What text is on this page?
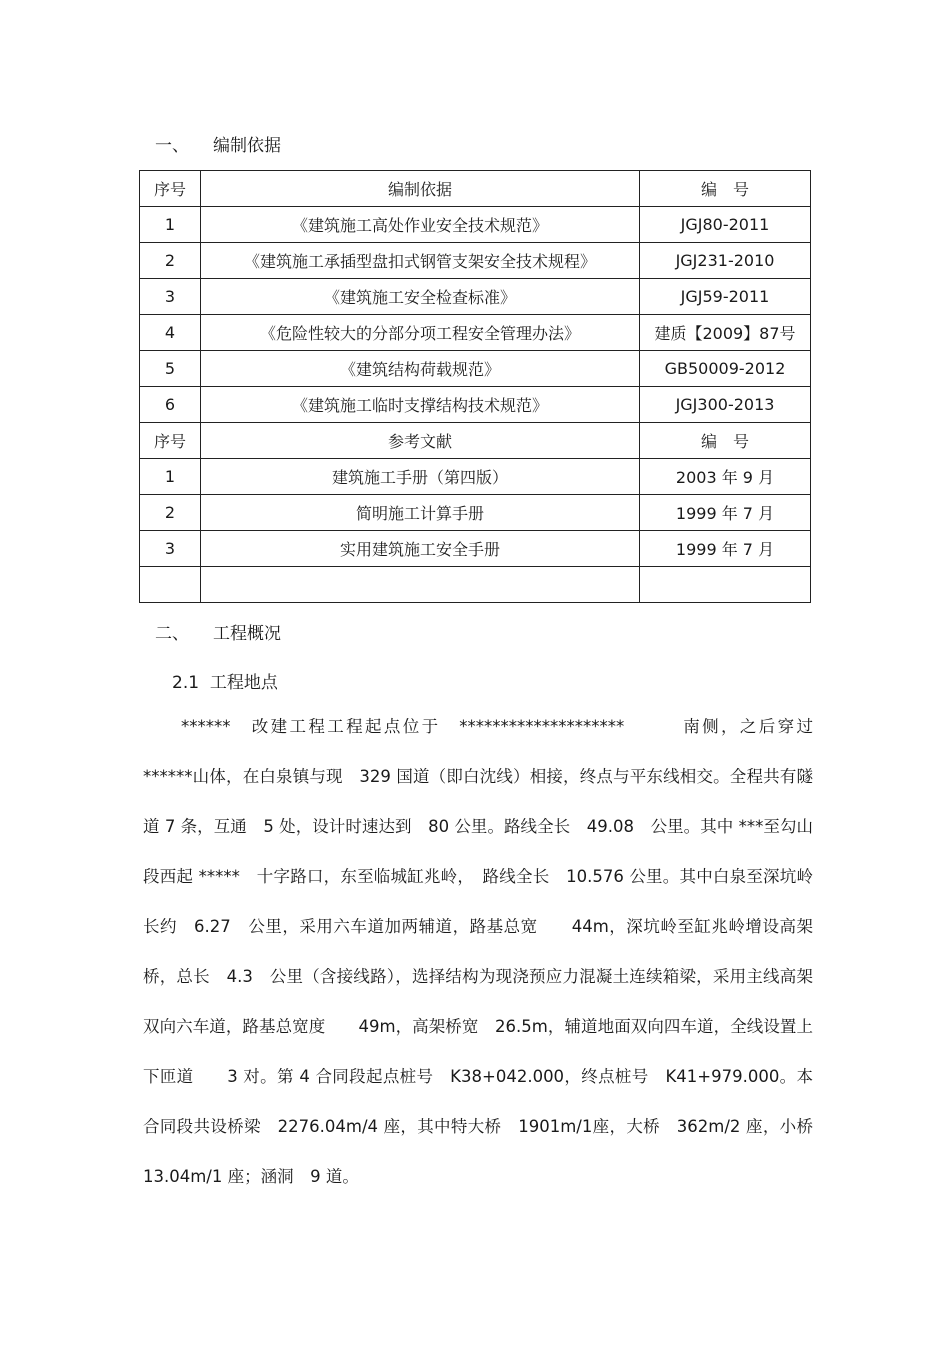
一、 编制依据
序号	编制依据	编　号
1	《建筑施工高处作业安全技术规范》	JGJ80-2011
2	《建筑施工承插型盘扣式钢管支架安全技术规程》	JGJ231-2010
3	《建筑施工安全检查标准》	JGJ59-2011
4	《危险性较大的分部分项工程安全管理办法》	建质【2009】87号
5	《建筑结构荷载规范》	GB50009-2012
6	《建筑施工临时支撑结构技术规范》	JGJ300-2013
序号	参考文献	编　号
1	建筑施工手册（第四版）	2003 年 9 月
2	简明施工计算手册	1999 年 7 月
3	实用建筑施工安全手册	1999 年 7 月

二、 工程概况
2.1 工程地点

******　改建工程工程起点位于　********************　　　南侧，之后穿过 ******山体，在白泉镇与现　329 国道（即白沈线）相接，终点与平东线相交。全程共有隧道 7 条，互通　5 处，设计时速达到　80 公里。路线全长　49.08　公里。其中 ***至勾山段西起 *****　十字路口，东至临城缸兆岭，　路线全长　10.576 公里。其中白泉至深坑岭长约　6.27　公里，采用六车道加两辅道，路基总宽　　44m，深坑岭至缸兆岭增设高架桥，总长　4.3　公里（含接线路），选择结构为现浇预应力混凝土连续箱梁，采用主线高架双向六车道，路基总宽度　　49m，高架桥宽　26.5m，辅道地面双向四车道，全线设置上下匝道　　3 对。第 4 合同段起点桩号　K38+042.000，终点桩号　K41+979.000。本合同段共设桥梁　2276.04m/4 座，其中特大桥　1901m/1座，大桥　362m/2 座，小桥　13.04m/1 座；涵洞　9 道。
